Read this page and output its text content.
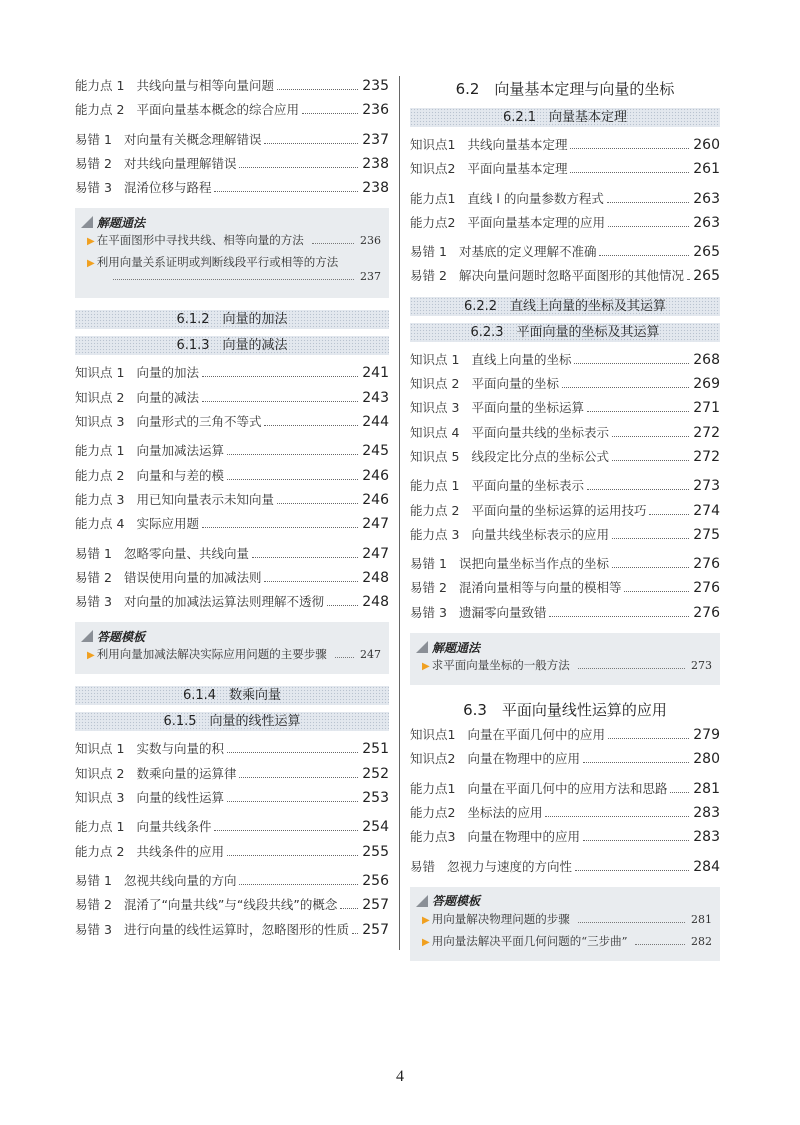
能力点 1 共线向量与相等向量问题	235
能力点 2 平面向量基本概念的综合应用	236
易错 1 对向量有关概念理解错误	237
易错 2 对共线向量理解错误	238
易错 3 混淆位移与路程	238
解题通法
▶ 在平面图形中寻找共线、相等向量的方法	236
▶ 利用向量关系证明或判断线段平行或相等的方法
237
6.1.2　向量的加法
6.1.3　向量的减法
知识点 1 向量的加法	241
知识点 2 向量的减法	243
知识点 3 向量形式的三角不等式	244
能力点 1 向量加减法运算	245
能力点 2 向量和与差的模	246
能力点 3 用已知向量表示未知向量	246
能力点 4 实际应用题	247
易错 1 忽略零向量、共线向量	247
易错 2 错误使用向量的加减法则	248
易错 3 对向量的加减法运算法则理解不透彻	248
答题模板
▶ 利用向量加减法解决实际应用问题的主要步骤	247
6.1.4　数乘向量
6.1.5　向量的线性运算
知识点 1 实数与向量的积	251
知识点 2 数乘向量的运算律	252
知识点 3 向量的线性运算	253
能力点 1 向量共线条件	254
能力点 2 共线条件的应用	255
易错 1 忽视共线向量的方向	256
易错 2 混淆了“向量共线”与“线段共线”的概念 257
易错 3 进行向量的线性运算时，忽略图形的性质 257
6.2　向量基本定理与向量的坐标
6.2.1　向量基本定理
知识点1 共线向量基本定理	260
知识点2 平面向量基本定理	261
能力点1 直线 l 的向量参数方程式	263
能力点2 平面向量基本定理的应用	263
易错 1 对基底的定义理解不准确	265
易错 2 解决向量问题时忽略平面图形的其他情况 265
6.2.2　直线上向量的坐标及其运算
6.2.3　平面向量的坐标及其运算
知识点 1 直线上向量的坐标	268
知识点 2 平面向量的坐标	269
知识点 3 平面向量的坐标运算	271
知识点 4 平面向量共线的坐标表示	272
知识点 5 线段定比分点的坐标公式	272
能力点 1 平面向量的坐标表示	273
能力点 2 平面向量的坐标运算的运用技巧	274
能力点 3 向量共线坐标表示的应用	275
易错 1 误把向量坐标当作点的坐标	276
易错 2 混淆向量相等与向量的模相等	276
易错 3 遗漏零向量致错	276
解题通法
▶ 求平面向量坐标的一般方法	273
6.3　平面向量线性运算的应用
知识点1 向量在平面几何中的应用	279
知识点2 向量在物理中的应用	280
能力点1 向量在平面几何中的应用方法和思路 281
能力点2 坐标法的应用	283
能力点3 向量在物理中的应用	283
易错 忽视力与速度的方向性	284
答题模板
▶ 用向量解决物理问题的步骤	281
▶ 用向量法解决平面几何问题的“三步曲”	282
4
